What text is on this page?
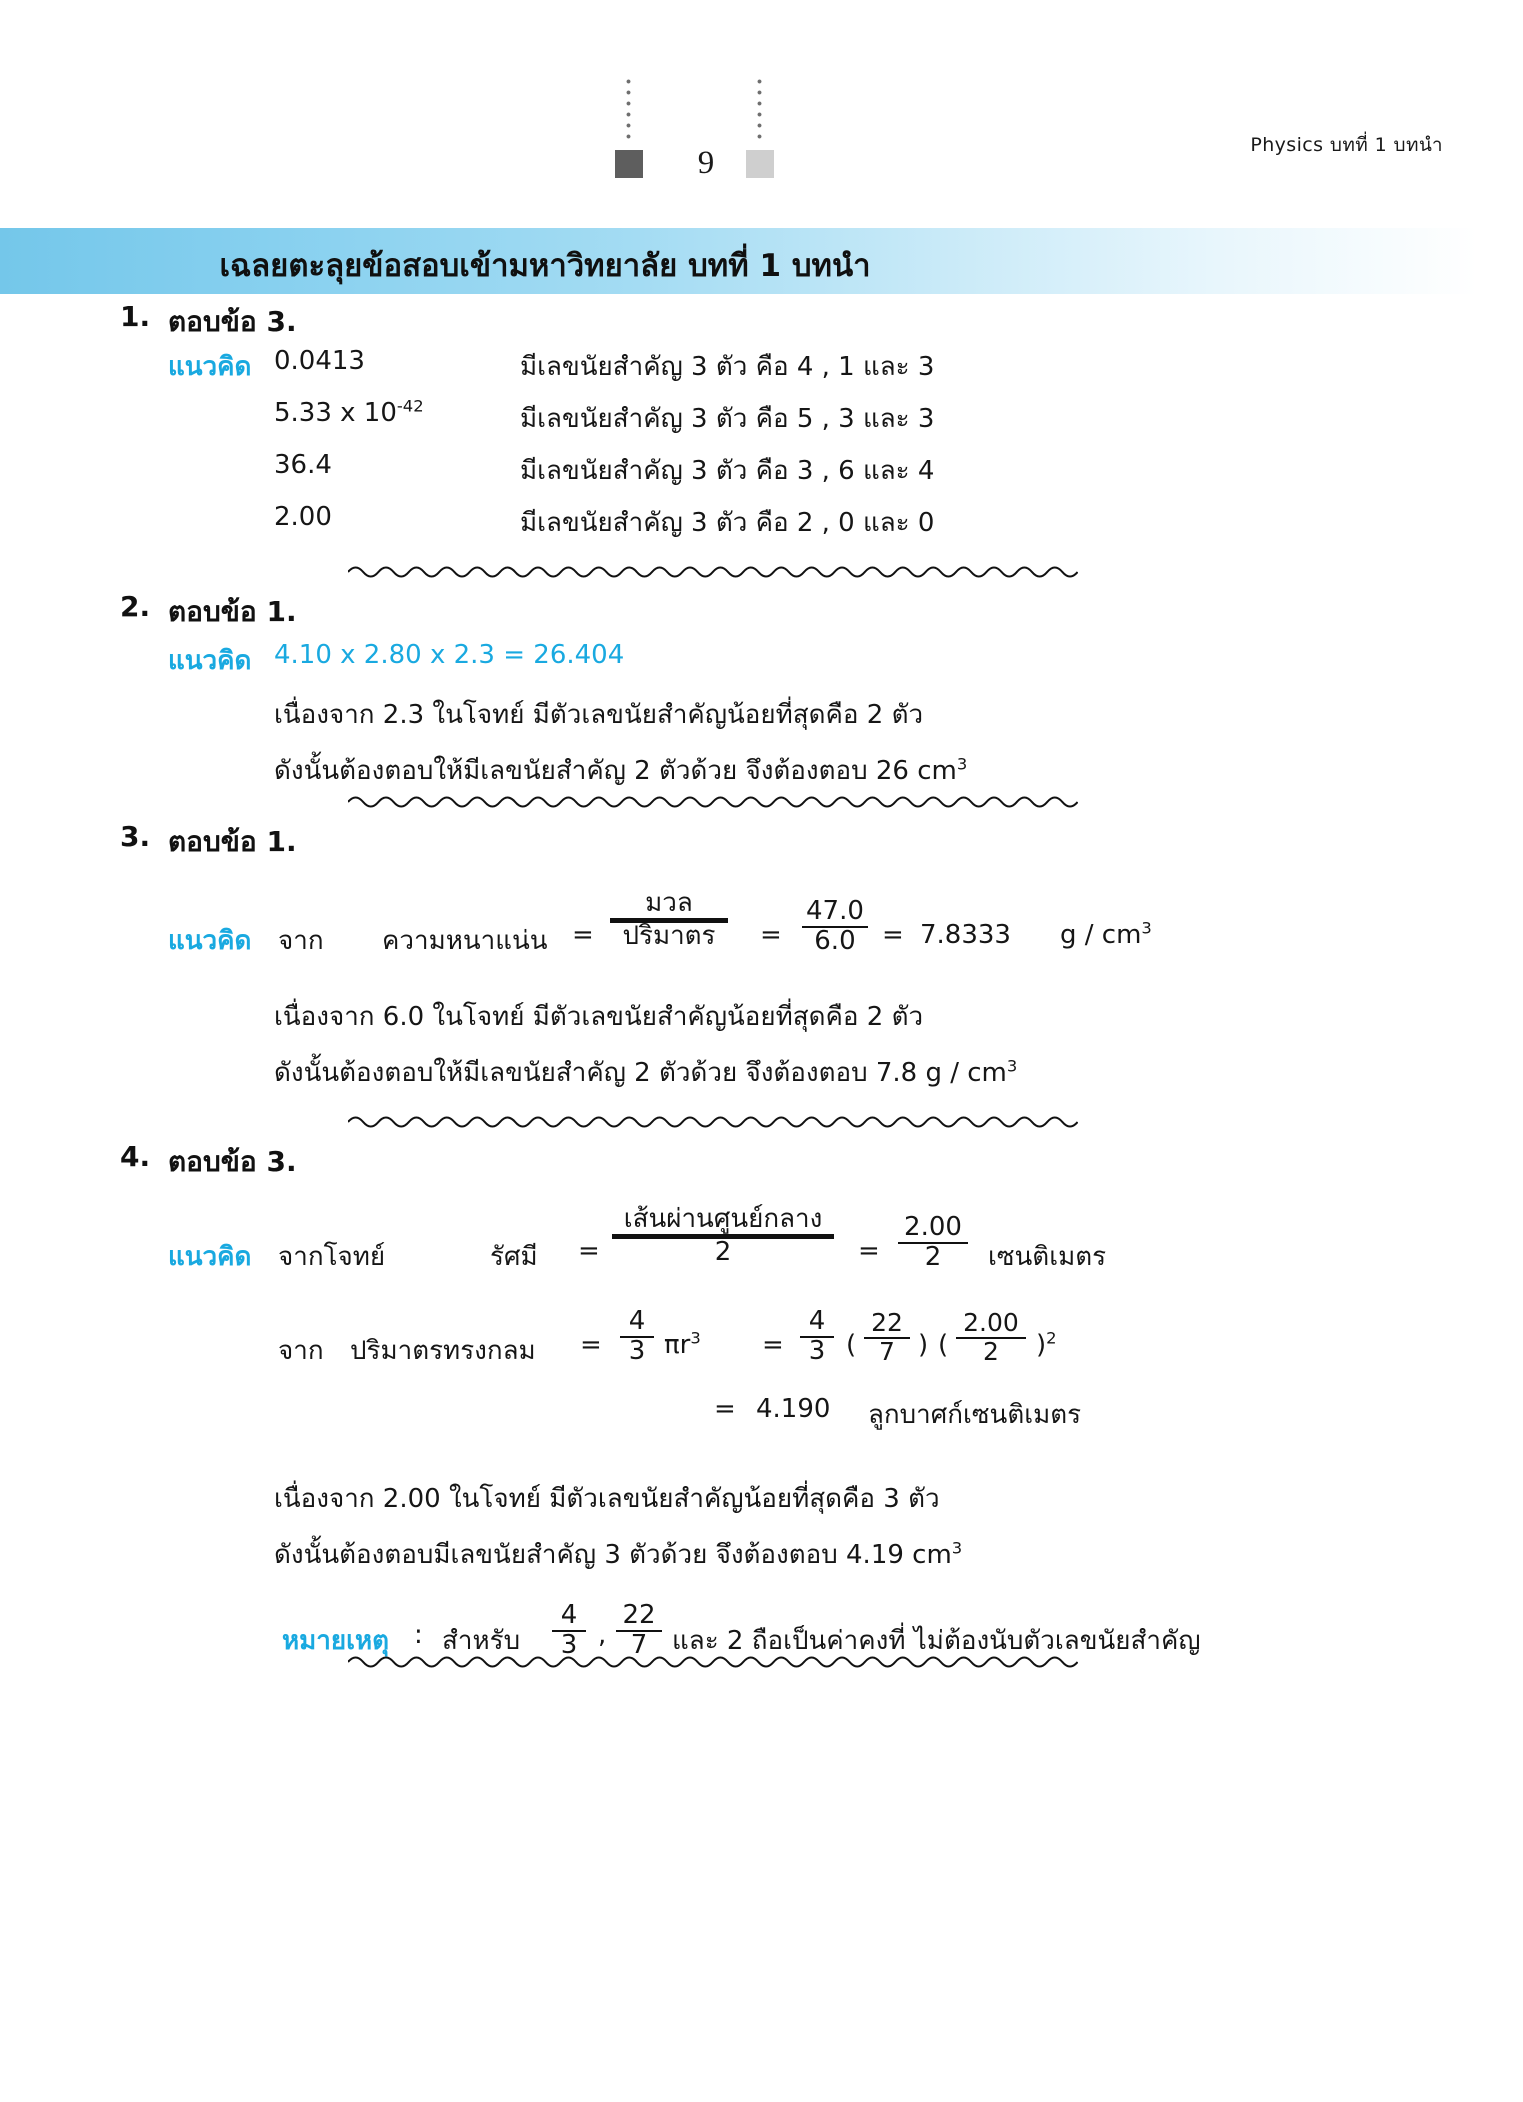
9	Physics บทที่ 1 บทนำ
เฉลยตะลุยข้อสอบเข้ามหาวิทยาลัย บทที่ 1 บทนำ
1. ตอบข้อ 3.
แนวคิด 0.0413	มีเลขนัยสำคัญ 3 ตัว คือ 4 , 1 และ 3
5.33 x $10^{-42}$	มีเลขนัยสำคัญ 3 ตัว คือ 5 , 3 และ 3
36.4	มีเลขนัยสำคัญ 3 ตัว คือ 3 , 6 และ 4
2.00	มีเลขนัยสำคัญ 3 ตัว คือ 2 , 0 และ 0
2. ตอบข้อ 1.
แนวคิด 4.10 x 2.80 x 2.3 = 26.404
เนื่องจาก 2.3 ในโจทย์ มีตัวเลขนัยสำคัญน้อยที่สุดคือ 2 ตัว
ดังนั้นต้องตอบให้มีเลขนัยสำคัญ 2 ตัวด้วย จึงต้องตอบ 26 $cm^3$
3. ตอบข้อ 1.
แนวคิด จาก ความหนาแน่น =
มวล
ปริมาตร	= $\frac{47.0}{6.0} = 7.8333$ g / $cm^3$
เนื่องจาก 6.0 ในโจทย์ มีตัวเลขนัยสำคัญน้อยที่สุดคือ 2 ตัว
ดังนั้นต้องตอบให้มีเลขนัยสำคัญ 2 ตัวด้วย จึงต้องตอบ 7.8 g / $cm^3$
4. ตอบข้อ 3.
แนวคิด จากโจทย์	รัศมี =
เส้นผ่านศูนย์กลาง
2	= $\frac{2.00}{2}$ เซนติเมตร
จาก ปริมาตรทรงกลม = $\frac{4}{3} \pi r^3 = \frac{4}{3}$ ( $\frac{22}{7}$ ) ( $\frac{2.00}{2} )^2$
= 4.190 ลูกบาศก์เซนติเมตร
เนื่องจาก 2.00 ในโจทย์ มีตัวเลขนัยสำคัญน้อยที่สุดคือ 3 ตัว
ดังนั้นต้องตอบมีเลขนัยสำคัญ 3 ตัวด้วย จึงต้องตอบ 4.19 $cm^3$
หมายเหตุ : สำหรับ $\frac{4}{3}$ , $\frac{22}{7}$ และ 2 ถือเป็นค่าคงที่ ไม่ต้องนับตัวเลขนัยสำคัญ
